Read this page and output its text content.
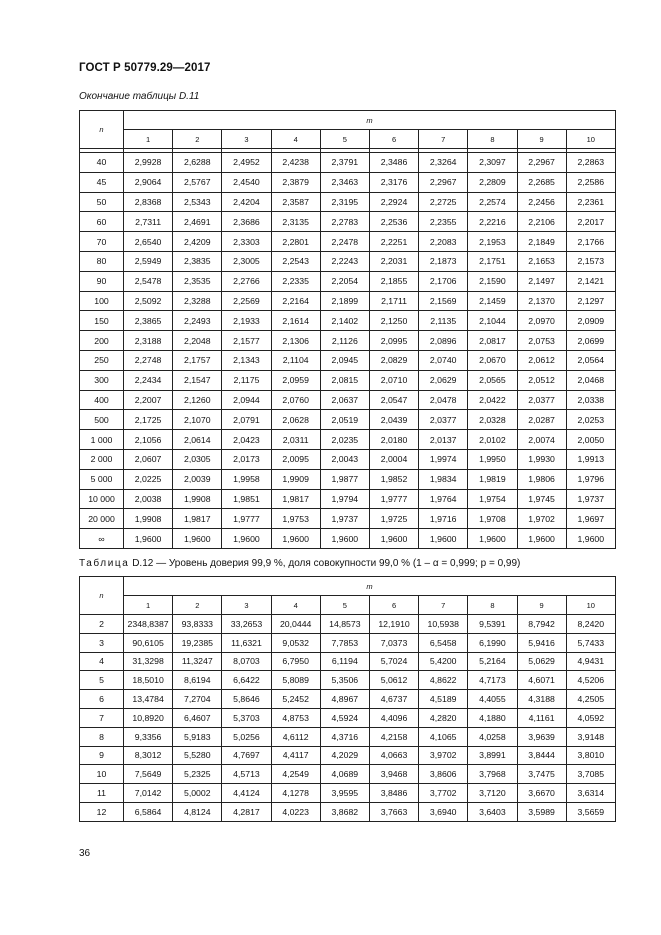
ГОСТ Р 50779.29—2017
Окончание таблицы D.11
n	m									
	1	2	3	4	5	6	7	8	9	10

40	2,9928	2,6288	2,4952	2,4238	2,3791	2,3486	2,3264	2,3097	2,2967	2,2863
45	2,9064	2,5767	2,4540	2,3879	2,3463	2,3176	2,2967	2,2809	2,2685	2,2586
50	2,8368	2,5343	2,4204	2,3587	2,3195	2,2924	2,2725	2,2574	2,2456	2,2361
60	2,7311	2,4691	2,3686	2,3135	2,2783	2,2536	2,2355	2,2216	2,2106	2,2017
70	2,6540	2,4209	2,3303	2,2801	2,2478	2,2251	2,2083	2,1953	2,1849	2,1766
80	2,5949	2,3835	2,3005	2,2543	2,2243	2,2031	2,1873	2,1751	2,1653	2,1573
90	2,5478	2,3535	2,2766	2,2335	2,2054	2,1855	2,1706	2,1590	2,1497	2,1421
100	2,5092	2,3288	2,2569	2,2164	2,1899	2,1711	2,1569	2,1459	2,1370	2,1297
150	2,3865	2,2493	2,1933	2,1614	2,1402	2,1250	2,1135	2,1044	2,0970	2,0909
200	2,3188	2,2048	2,1577	2,1306	2,1126	2,0995	2,0896	2,0817	2,0753	2,0699
250	2,2748	2,1757	2,1343	2,1104	2,0945	2,0829	2,0740	2,0670	2,0612	2,0564
300	2,2434	2,1547	2,1175	2,0959	2,0815	2,0710	2,0629	2,0565	2,0512	2,0468
400	2,2007	2,1260	2,0944	2,0760	2,0637	2,0547	2,0478	2,0422	2,0377	2,0338
500	2,1725	2,1070	2,0791	2,0628	2,0519	2,0439	2,0377	2,0328	2,0287	2,0253
1 000	2,1056	2,0614	2,0423	2,0311	2,0235	2,0180	2,0137	2,0102	2,0074	2,0050
2 000	2,0607	2,0305	2,0173	2,0095	2,0043	2,0004	1,9974	1,9950	1,9930	1,9913
5 000	2,0225	2,0039	1,9958	1,9909	1,9877	1,9852	1,9834	1,9819	1,9806	1,9796
10 000	2,0038	1,9908	1,9851	1,9817	1,9794	1,9777	1,9764	1,9754	1,9745	1,9737
20 000	1,9908	1,9817	1,9777	1,9753	1,9737	1,9725	1,9716	1,9708	1,9702	1,9697
∞	1,9600	1,9600	1,9600	1,9600	1,9600	1,9600	1,9600	1,9600	1,9600	1,9600
Таблица D.12 — Уровень доверия 99,9 %, доля совокупности 99,0 % (1 – α = 0,999; p = 0,99)
n	m									
	1	2	3	4	5	6	7	8	9	10
2	2348,8387	93,8333	33,2653	20,0444	14,8573	12,1910	10,5938	9,5391	8,7942	8,2420
3	90,6105	19,2385	11,6321	9,0532	7,7853	7,0373	6,5458	6,1990	5,9416	5,7433
4	31,3298	11,3247	8,0703	6,7950	6,1194	5,7024	5,4200	5,2164	5,0629	4,9431
5	18,5010	8,6194	6,6422	5,8089	5,3506	5,0612	4,8622	4,7173	4,6071	4,5206
6	13,4784	7,2704	5,8646	5,2452	4,8967	4,6737	4,5189	4,4055	4,3188	4,2505
7	10,8920	6,4607	5,3703	4,8753	4,5924	4,4096	4,2820	4,1880	4,1161	4,0592
8	9,3356	5,9183	5,0256	4,6112	4,3716	4,2158	4,1065	4,0258	3,9639	3,9148
9	8,3012	5,5280	4,7697	4,4117	4,2029	4,0663	3,9702	3,8991	3,8444	3,8010
10	7,5649	5,2325	4,5713	4,2549	4,0689	3,9468	3,8606	3,7968	3,7475	3,7085
11	7,0142	5,0002	4,4124	4,1278	3,9595	3,8486	3,7702	3,7120	3,6670	3,6314
12	6,5864	4,8124	4,2817	4,0223	3,8682	3,7663	3,6940	3,6403	3,5989	3,5659
36
